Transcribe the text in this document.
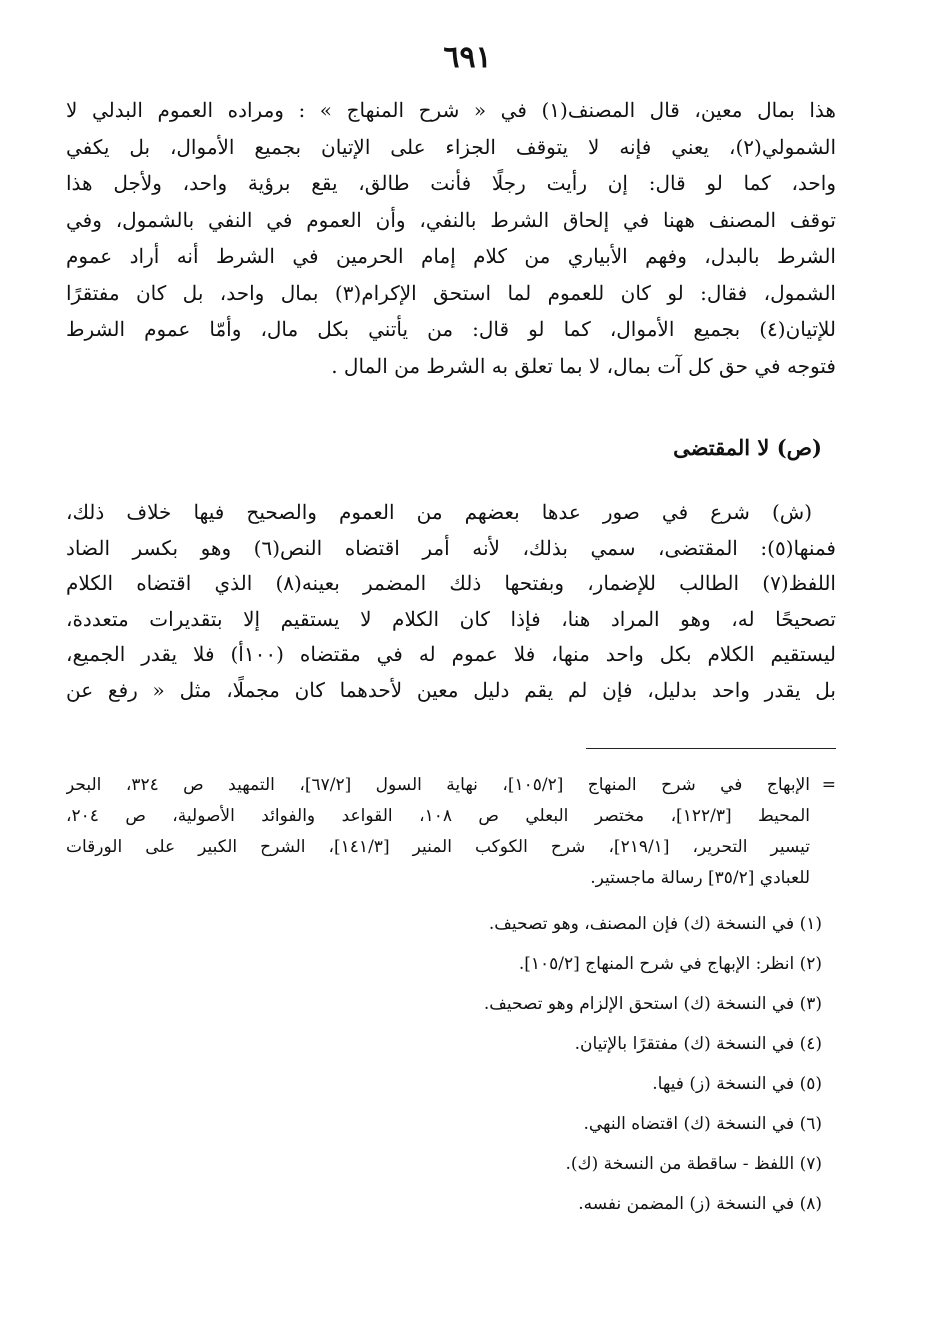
٦٩١
هذا بمال معين، قال المصنف(١) في « شرح المنهاج » : ومراده العموم البدلي لا
الشمولي(٢)، يعني فإنه لا يتوقف الجزاء على الإتيان بجميع الأموال، بل يكفي
واحد، كما لو قال: إن رأيت رجلًا فأنت طالق، يقع برؤية واحد، ولأجل هذا
توقف المصنف ههنا في إلحاق الشرط بالنفي، وأن العموم في النفي بالشمول، وفي
الشرط بالبدل، وفهم الأبياري من كلام إمام الحرمين في الشرط أنه أراد عموم
الشمول، فقال: لو كان للعموم لما استحق الإكرام(٣) بمال واحد، بل كان مفتقرًا
للإتيان(٤) بجميع الأموال، كما لو قال: من يأتني بكل مال، وأمّا عموم الشرط
فتوجه في حق كل آت بمال، لا بما تعلق به الشرط من المال .
(ص) لا المقتضى
(ش) شرع في صور عدها بعضهم من العموم والصحيح فيها خلاف ذلك،
فمنها(٥): المقتضى، سمي بذلك، لأنه أمر اقتضاه النص(٦) وهو بكسر الضاد
اللفظ(٧) الطالب للإضمار، وبفتحها ذلك المضمر بعينه(٨) الذي اقتضاه الكلام
تصحيحًا له، وهو المراد هنا، فإذا كان الكلام لا يستقيم إلا بتقديرات متعددة،
ليستقيم الكلام بكل واحد منها، فلا عموم له في مقتضاه (١٠٠أ) فلا يقدر الجميع،
بل يقدر واحد بدليل، فإن لم يقم دليل معين لأحدهما كان مجملًا، مثل « رفع عن
=
الإبهاج في شرح المنهاج [١٠٥/٢]، نهاية السول [٦٧/٢]، التمهيد ص ٣٢٤، البحر
المحيط [١٢٢/٣]، مختصر البعلي ص ١٠٨، القواعد والفوائد الأصولية، ص ٢٠٤،
تيسير التحرير، [٢١٩/١]، شرح الكوكب المنير [١٤١/٣]، الشرح الكبير على الورقات
للعبادي [٣٥/٢] رسالة ماجستير.
(١) في النسخة (ك) فإن المصنف، وهو تصحيف.
(٢) انظر: الإبهاج في شرح المنهاج [١٠٥/٢].
(٣) في النسخة (ك) استحق الإلزام وهو تصحيف.
(٤) في النسخة (ك) مفتقرًا بالإتيان.
(٥) في النسخة (ز) فيها.
(٦) في النسخة (ك) اقتضاه النهي.
(٧) اللفظ - ساقطة من النسخة (ك).
(٨) في النسخة (ز) المضمن نفسه.
